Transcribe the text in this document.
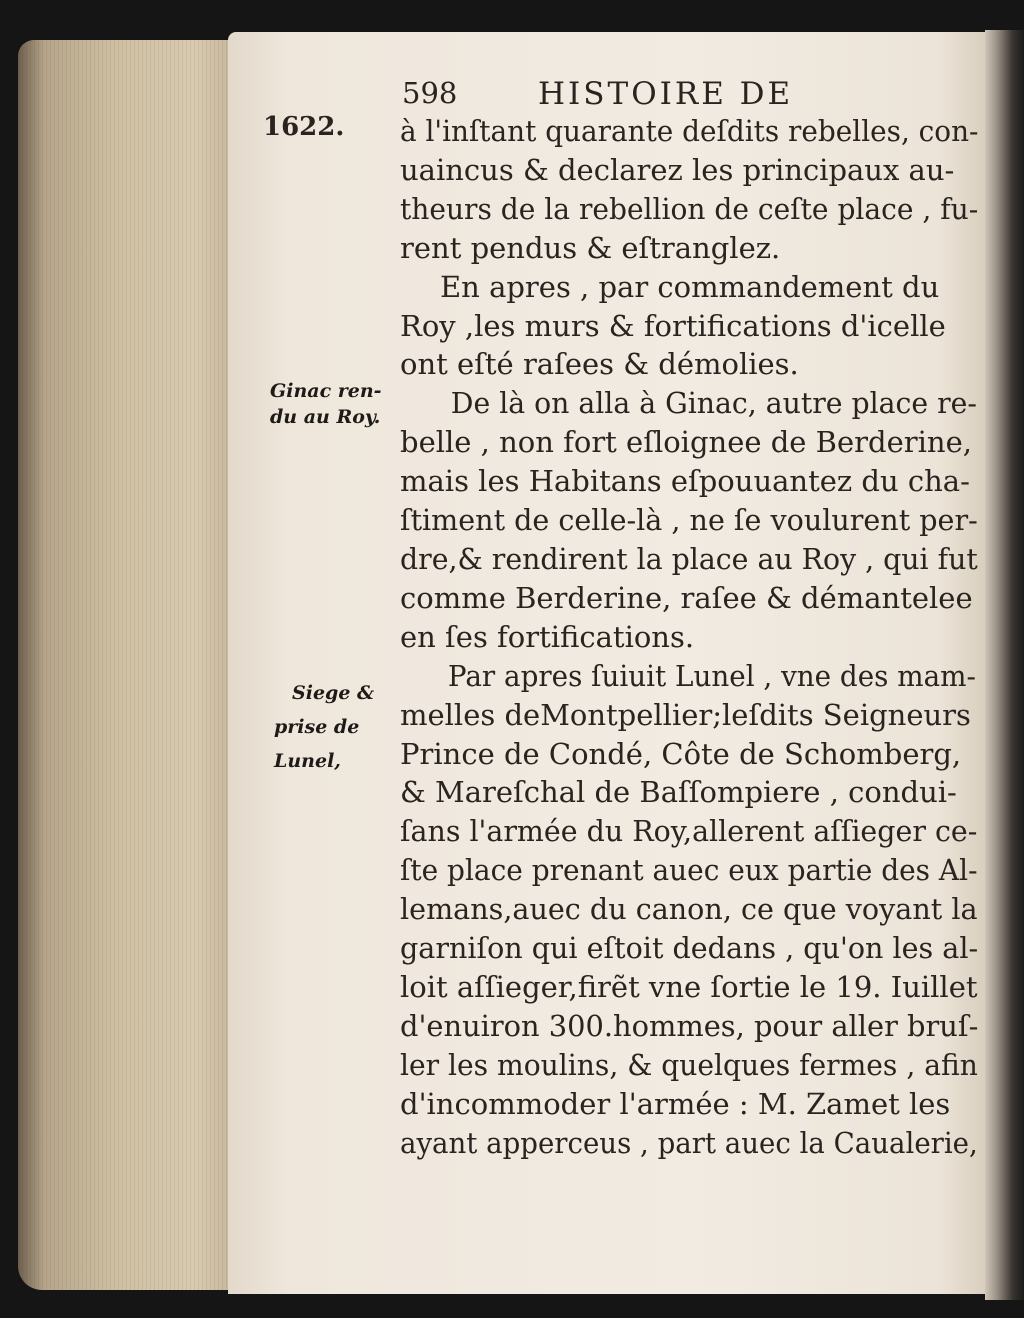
598	HISTOIRE DE
1622.
Ginac ren-
du au Roy.
Siege &
prise de
Lunel,
à l'inſtant quarante deſdits rebelles, con-
uaincus & declarez les principaux au-
theurs de la rebellion de ceſte place , fu-
rent pendus & eſtranglez.
En apres , par commandement du
Roy ,les murs & fortifications d'icelle
ont eſté raſees & démolies.
De là on alla à Ginac, autre place re-
belle , non fort eſloignee de Berderine,
mais les Habitans eſpouuantez du cha-
ſtiment de celle-là , ne ſe voulurent per-
dre,& rendirent la place au Roy , qui fut
comme Berderine, raſee & démantelee
en ſes fortifications.
Par apres ſuiuit Lunel , vne des mam-
melles deMontpellier;leſdits Seigneurs
Prince de Condé, Côte de Schomberg,
& Mareſchal de Baſſompiere , condui-
ſans l'armée du Roy,allerent aſſieger ce-
ſte place prenant auec eux partie des Al-
lemans,auec du canon, ce que voyant la
garniſon qui eſtoit dedans , qu'on les al-
loit aſſieger,firẽt vne ſortie le 19. Iuillet
d'enuiron 300.hommes, pour aller bruſ-
ler les moulins, & quelques fermes , afin
d'incommoder l'armée : M. Zamet les
ayant apperceus , part auec la Caualerie,
